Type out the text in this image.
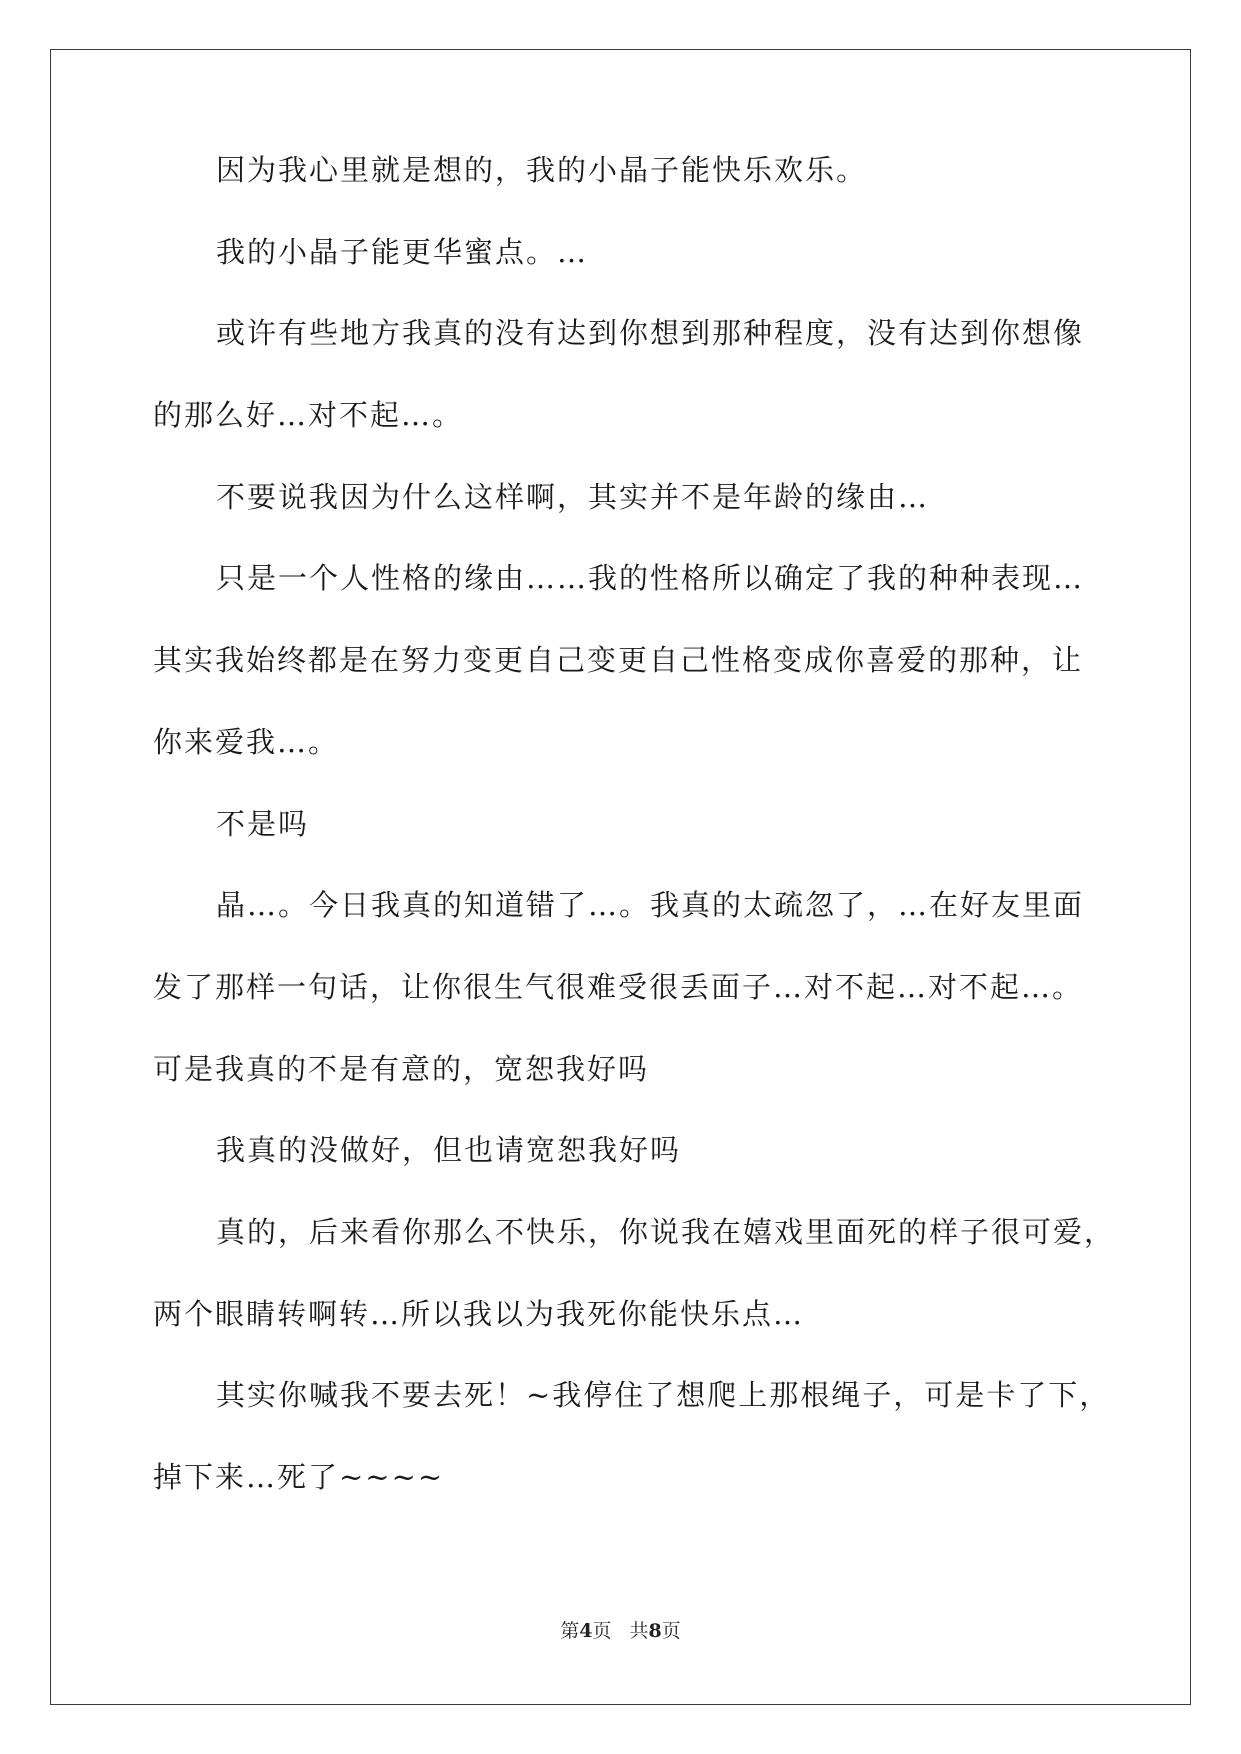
因为我心里就是想的，我的小晶子能快乐欢乐。
我的小晶子能更华蜜点。…
或许有些地方我真的没有达到你想到那种程度，没有达到你想像
的那么好…对不起…。
不要说我因为什么这样啊，其实并不是年龄的缘由…
只是一个人性格的缘由……我的性格所以确定了我的种种表现…
其实我始终都是在努力变更自己变更自己性格变成你喜爱的那种，让
你来爱我…。
不是吗
晶…。今日我真的知道错了…。我真的太疏忽了，…在好友里面
发了那样一句话，让你很生气很难受很丢面子…对不起…对不起…。
可是我真的不是有意的，宽恕我好吗
我真的没做好，但也请宽恕我好吗
真的，后来看你那么不快乐，你说我在嬉戏里面死的样子很可爱，
两个眼睛转啊转…所以我以为我死你能快乐点…
其实你喊我不要去死！~我停住了想爬上那根绳子，可是卡了下，
掉下来…死了~~~~
第4页 共8页
